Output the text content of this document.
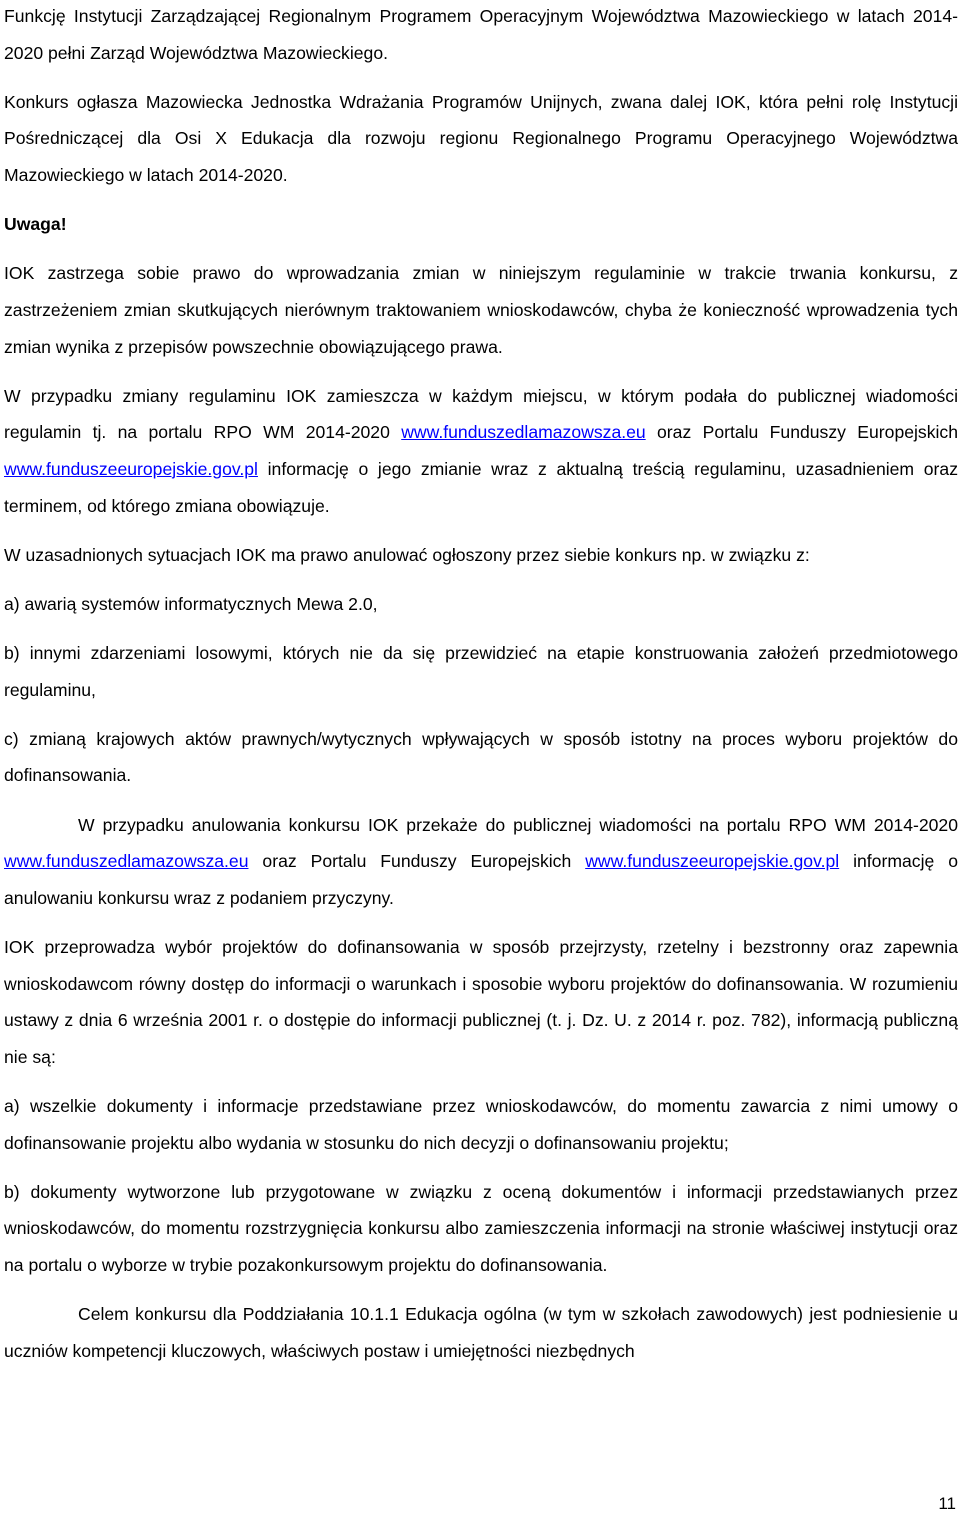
Funkcję Instytucji Zarządzającej Regionalnym Programem Operacyjnym Województwa Mazowieckiego w latach 2014-2020 pełni Zarząd Województwa Mazowieckiego.

Konkurs ogłasza Mazowiecka Jednostka Wdrażania Programów Unijnych, zwana dalej IOK, która pełni rolę Instytucji Pośredniczącej dla Osi X Edukacja dla rozwoju regionu Regionalnego Programu Operacyjnego Województwa Mazowieckiego w latach 2014-2020.

Uwaga!

IOK zastrzega sobie prawo do wprowadzania zmian w niniejszym regulaminie w trakcie trwania konkursu, z zastrzeżeniem zmian skutkujących nierównym traktowaniem wnioskodawców, chyba że konieczność wprowadzenia tych zmian wynika z przepisów powszechnie obowiązującego prawa.

W przypadku zmiany regulaminu IOK zamieszcza w każdym miejscu, w którym podała do publicznej wiadomości regulamin tj. na portalu RPO WM 2014-2020 www.funduszedlamazowsza.eu oraz Portalu Funduszy Europejskich www.funduszeeuropejskie.gov.pl informację o jego zmianie wraz z aktualną treścią regulaminu, uzasadnieniem oraz terminem, od którego zmiana obowiązuje.

W uzasadnionych sytuacjach IOK ma prawo anulować ogłoszony przez siebie konkurs np. w związku z:

a) awarią systemów informatycznych Mewa 2.0,

b) innymi zdarzeniami losowymi, których nie da się przewidzieć na etapie konstruowania założeń przedmiotowego regulaminu,

c) zmianą krajowych aktów prawnych/wytycznych wpływających w sposób istotny na proces wyboru projektów do dofinansowania.

W przypadku anulowania konkursu IOK przekaże do publicznej wiadomości na portalu RPO WM 2014-2020 www.funduszedlamazowsza.eu oraz Portalu Funduszy Europejskich www.funduszeeuropejskie.gov.pl informację o anulowaniu konkursu wraz z podaniem przyczyny.

IOK przeprowadza wybór projektów do dofinansowania w sposób przejrzysty, rzetelny i bezstronny oraz zapewnia wnioskodawcom równy dostęp do informacji o warunkach i sposobie wyboru projektów do dofinansowania. W rozumieniu ustawy z dnia 6 września 2001 r. o dostępie do informacji publicznej (t. j. Dz. U. z 2014 r. poz. 782), informacją publiczną nie są:

a) wszelkie dokumenty i informacje przedstawiane przez wnioskodawców, do momentu zawarcia z nimi umowy o dofinansowanie projektu albo wydania w stosunku do nich decyzji o dofinansowaniu projektu;

b) dokumenty wytworzone lub przygotowane w związku z oceną dokumentów i informacji przedstawianych przez wnioskodawców, do momentu rozstrzygnięcia konkursu albo zamieszczenia informacji na stronie właściwej instytucji oraz na portalu o wyborze w trybie pozakonkursowym projektu do dofinansowania.

Celem konkursu dla Poddziałania 10.1.1 Edukacja ogólna (w tym w szkołach zawodowych) jest podniesienie u uczniów kompetencji kluczowych, właściwych postaw i umiejętności niezbędnych

11
